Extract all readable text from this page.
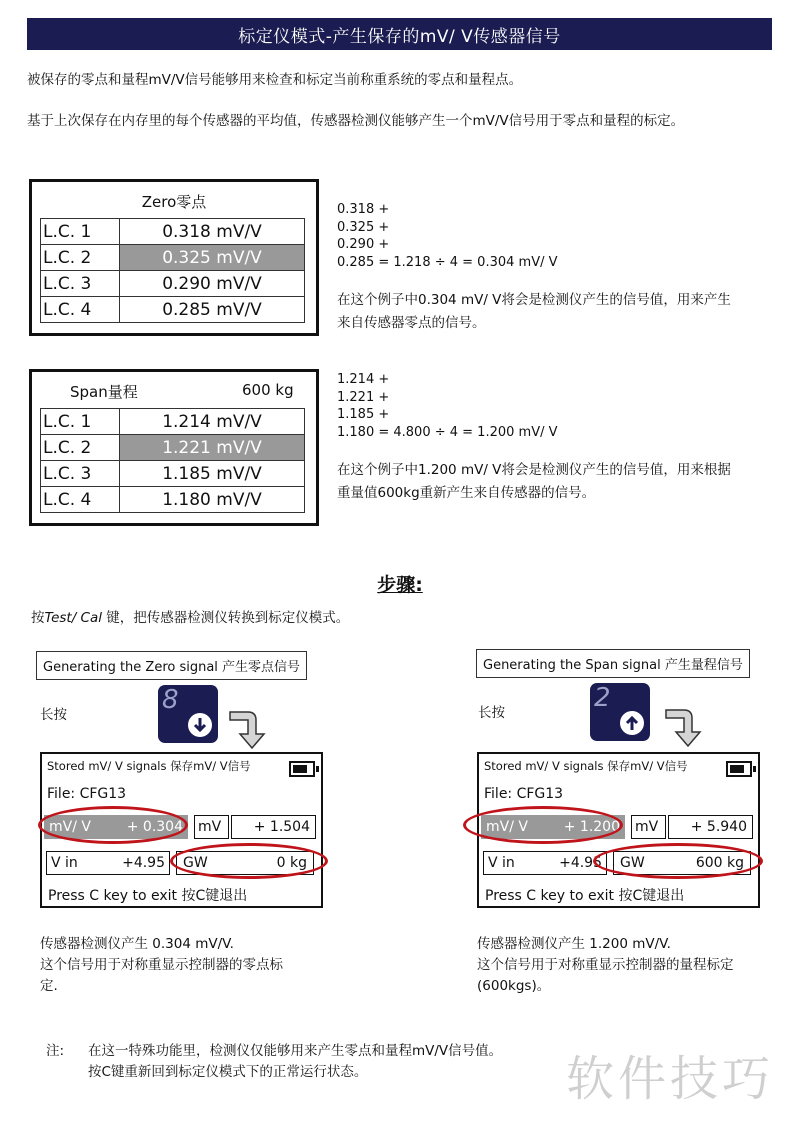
标定仪模式-产生保存的mV/ V传感器信号
被保存的零点和量程mV/V信号能够用来检查和标定当前称重系统的零点和量程点。
基于上次保存在内存里的每个传感器的平均值，传感器检测仪能够产生一个mV/V信号用于零点和量程的标定。
Zero零点
L.C. 1	0.318 mV/V
L.C. 2	0.325 mV/V
L.C. 3	0.290 mV/V
L.C. 4	0.285 mV/V
0.318 +
0.325 +
0.290 +
0.285 = 1.218 ÷ 4 = 0.304 mV/ V
在这个例子中0.304 mV/ V将会是检测仪产生的信号值，用来产生
来自传感器零点的信号。
Span量程	600 kg
L.C. 1	1.214 mV/V
L.C. 2	1.221 mV/V
L.C. 3	1.185 mV/V
L.C. 4	1.180 mV/V
1.214 +
1.221 +
1.185 +
1.180 = 4.800 ÷ 4 = 1.200 mV/ V
在这个例子中1.200 mV/ V将会是检测仪产生的信号值，用来根据
重量值600kg重新产生来自传感器的信号。
步骤:
按Test/ Cal 键，把传感器检测仪转换到标定仪模式。
Generating the Zero signal 产生零点信号
长按	8
Stored mV/ V signals 保存mV/ V信号
File: CFG13
mV/ V	+ 0.304 mV	+ 1.504
V in	+4.95 GW	0 kg
Press C key to exit 按C键退出
传感器检测仪产生 0.304 mV/V.
这个信号用于对称重显示控制器的零点标
定.
Generating the Span signal 产生量程信号
长按	2
Stored mV/ V signals 保存mV/ V信号
File: CFG13
mV/ V	+ 1.200 mV	+ 5.940
V in	+4.95 GW	600 kg
Press C key to exit 按C键退出
传感器检测仪产生 1.200 mV/V.
这个信号用于对称重显示控制器的量程标定
(600kgs)。
注: 在这一特殊功能里，检测仪仅能够用来产生零点和量程mV/V信号值。
按C键重新回到标定仪模式下的正常运行状态。	软件技巧
